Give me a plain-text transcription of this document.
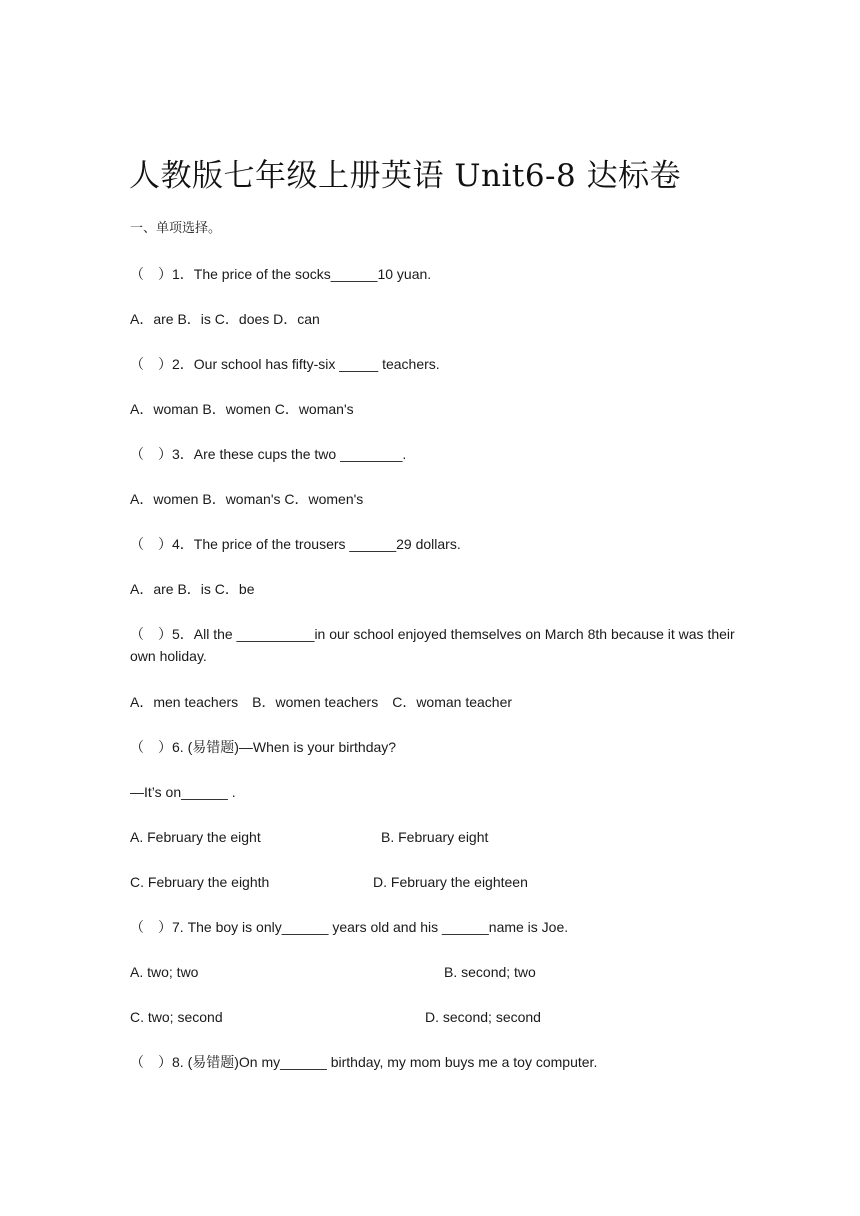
人教版七年级上册英语 Unit6-8 达标卷
一、单项选择。
（　）1．The price of the socks______10 yuan.
A．are B．is C．does D．can
（　）2．Our school has fifty-six _____ teachers.
A．woman B．women C．woman's
（　）3．Are these cups the two ________.
A．women B．woman's C．women's
（　）4．The price of the trousers ______29 dollars.
A．are B．is C．be
（　）5．All the __________in our school enjoyed themselves on March 8th because it was their own holiday.
A．men teachers　B．women teachers　C．woman teacher
（　）6. (易错题)—When is your birthday?
—It’s on______ .
A. February the eight	B. February eight
C. February the eighth	D. February the eighteen
（　）7. The boy is only______ years old and his ______name is Joe.
A. two; two	B. second; two
C. two; second	D. second; second
（　）8. (易错题)On my______ birthday, my mom buys me a toy computer.
